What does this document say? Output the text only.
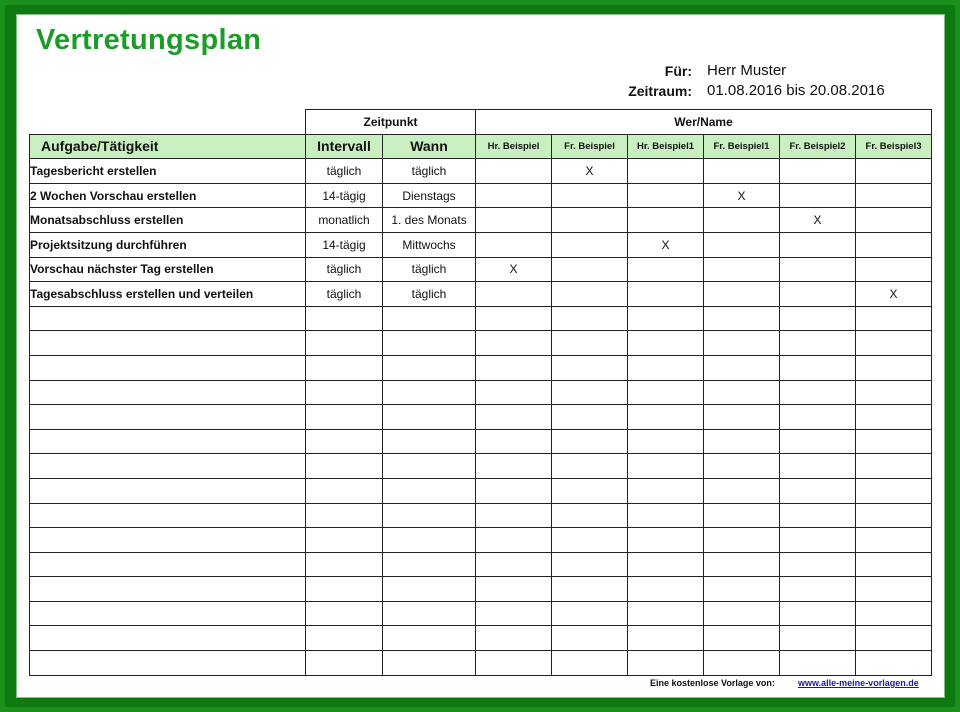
Vertretungsplan
Für: Herr Muster
Zeitraum: 01.08.2016 bis 20.08.2016
	Zeitpunkt		Wer/Name					
Aufgabe/Tätigkeit	Intervall	Wann	Hr. Beispiel	Fr. Beispiel	Hr. Beispiel1	Fr. Beispiel1	Fr. Beispiel2	Fr. Beispiel3
Tagesbericht erstellen	täglich	täglich		X				
2 Wochen Vorschau erstellen	14-tägig	Dienstags				X		
Monatsabschluss erstellen	monatlich	1. des Monats					X	
Projektsitzung durchführen	14-tägig	Mittwochs			X			
Vorschau nächster Tag erstellen	täglich	täglich	X					
Tagesabschluss erstellen und verteilen	täglich	täglich						X

Eine kostenlose Vorlage von:	www.alle-meine-vorlagen.de
